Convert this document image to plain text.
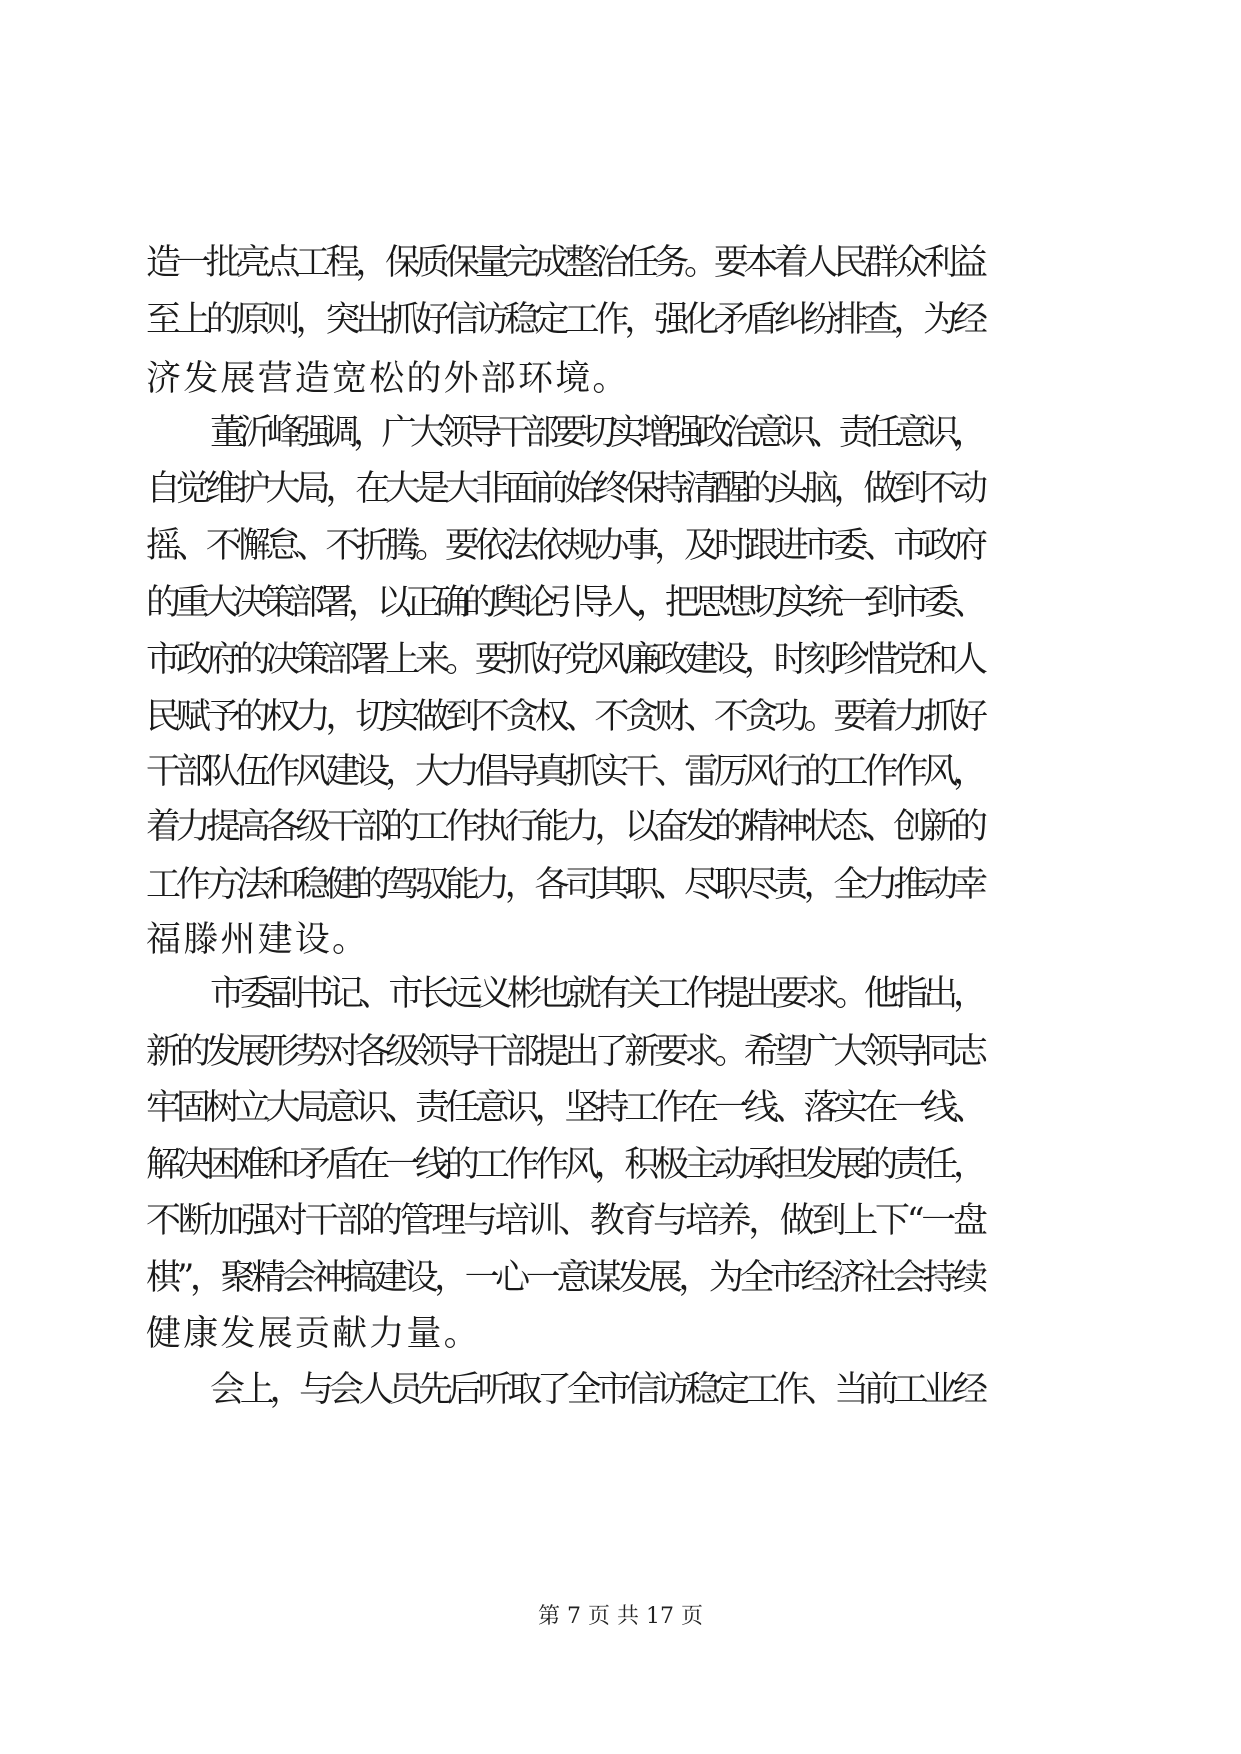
造一批亮点工程，保质保量完成整治任务。要本着人民群众利益
至上的原则，突出抓好信访稳定工作，强化矛盾纠纷排查，为经
济发展营造宽松的外部环境。
董沂峰强调，广大领导干部要切实增强政治意识、责任意识，
自觉维护大局，在大是大非面前始终保持清醒的头脑，做到不动
摇、不懈怠、不折腾。要依法依规办事，及时跟进市委、市政府
的重大决策部署，以正确的舆论引导人，把思想切实统一到市委、
市政府的决策部署上来。要抓好党风廉政建设，时刻珍惜党和人
民赋予的权力，切实做到不贪权、不贪财、不贪功。要着力抓好
干部队伍作风建设，大力倡导真抓实干、雷厉风行的工作作风，
着力提高各级干部的工作执行能力，以奋发的精神状态、创新的
工作方法和稳健的驾驭能力，各司其职、尽职尽责，全力推动幸
福滕州建设。
市委副书记、市长远义彬也就有关工作提出要求。他指出，
新的发展形势对各级领导干部提出了新要求。希望广大领导同志
牢固树立大局意识、责任意识，坚持工作在一线、落实在一线、
解决困难和矛盾在一线的工作作风，积极主动承担发展的责任，
不断加强对干部的管理与培训、教育与培养，做到上下“一盘
棋”，聚精会神搞建设，一心一意谋发展，为全市经济社会持续
健康发展贡献力量。
会上，与会人员先后听取了全市信访稳定工作、当前工业经
第 7 页 共 17 页
